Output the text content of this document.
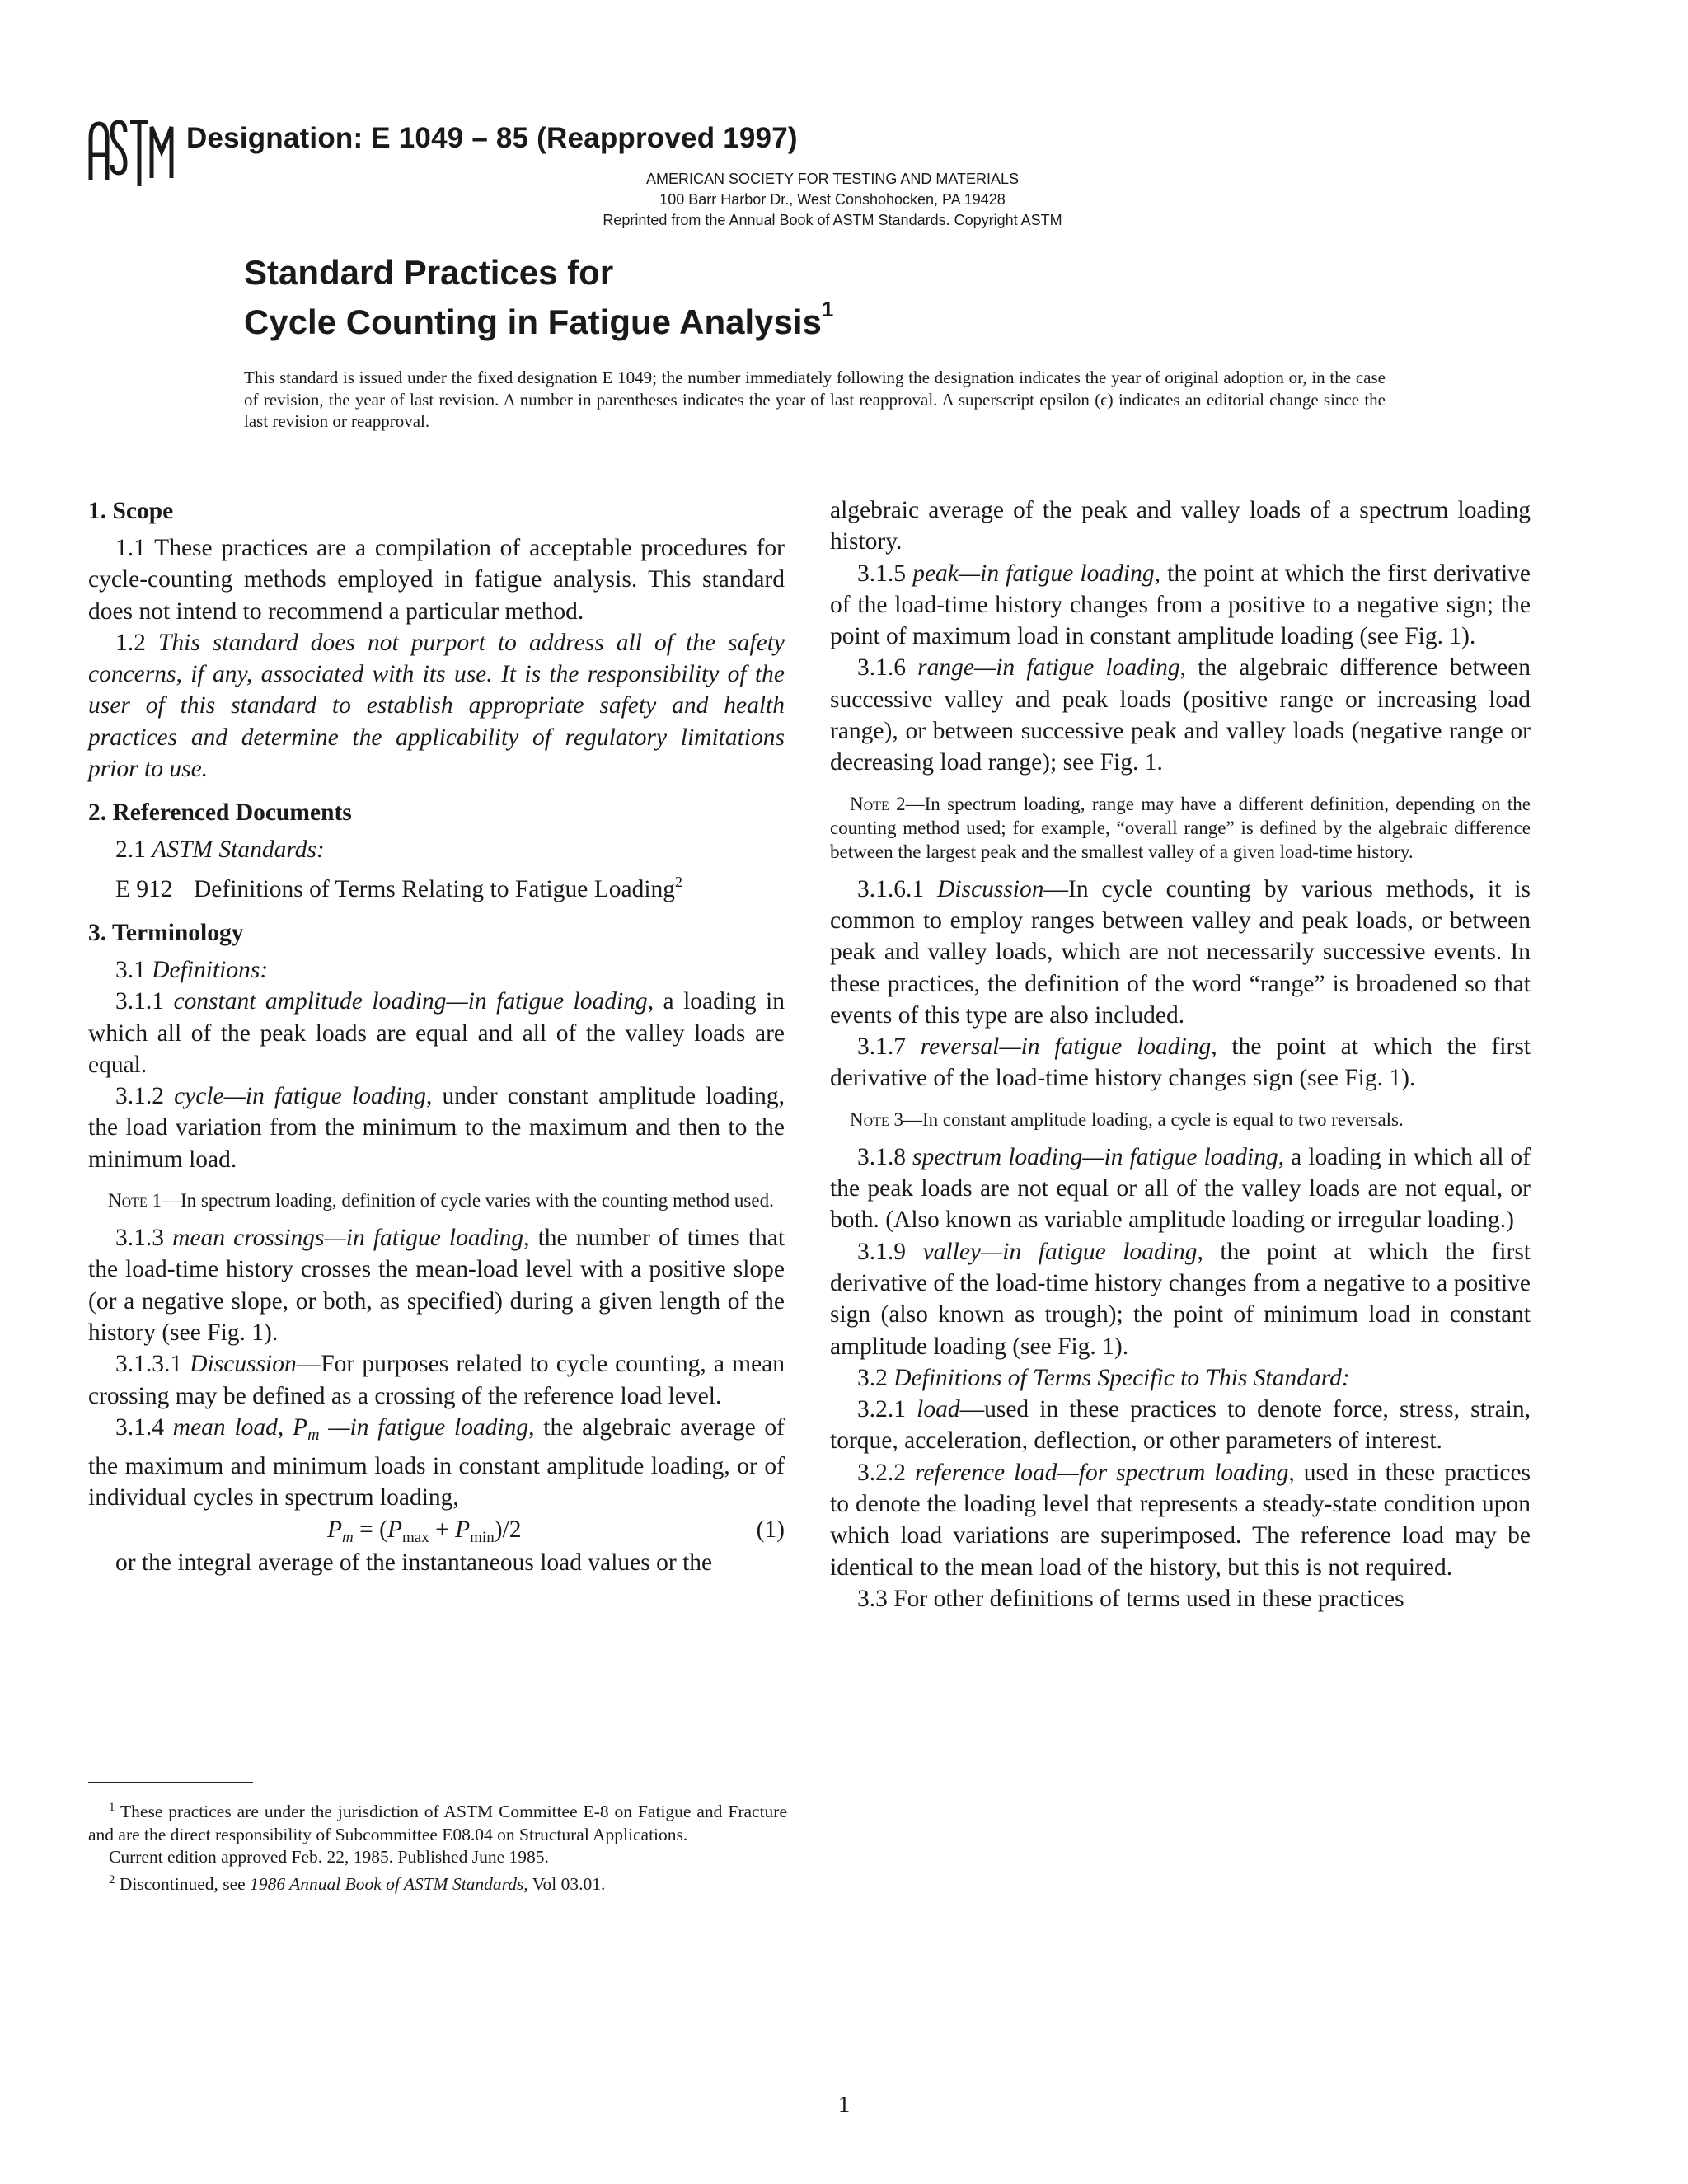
ASTM
Designation: E 1049 – 85 (Reapproved 1997)
AMERICAN SOCIETY FOR TESTING AND MATERIALS
100 Barr Harbor Dr., West Conshohocken, PA 19428
Reprinted from the Annual Book of ASTM Standards. Copyright ASTM
Standard Practices for
Cycle Counting in Fatigue Analysis$^1$
This standard is issued under the fixed designation E 1049; the number immediately following the designation indicates the year of original adoption or, in the case of revision, the year of last revision. A number in parentheses indicates the year of last reapproval. A superscript epsilon (ϵ) indicates an editorial change since the last revision or reapproval.
1. Scope

1.1 These practices are a compilation of acceptable procedures for cycle-counting methods employed in fatigue analysis. This standard does not intend to recommend a particular method.

1.2 This standard does not purport to address all of the safety concerns, if any, associated with its use. It is the responsibility of the user of this standard to establish appropriate safety and health practices and determine the applicability of regulatory limitations prior to use.

2. Referenced Documents

2.1 ASTM Standards:

E 912 Definitions of Terms Relating to Fatigue Loading$^2$

3. Terminology

3.1 Definitions:

3.1.1 constant amplitude loading—in fatigue loading, a loading in which all of the peak loads are equal and all of the valley loads are equal.

3.1.2 cycle—in fatigue loading, under constant amplitude loading, the load variation from the minimum to the maximum and then to the minimum load.

Note 1—In spectrum loading, definition of cycle varies with the counting method used.

3.1.3 mean crossings—in fatigue loading, the number of times that the load-time history crosses the mean-load level with a positive slope (or a negative slope, or both, as specified) during a given length of the history (see Fig. 1).

3.1.3.1 Discussion—For purposes related to cycle counting, a mean crossing may be defined as a crossing of the reference load level.

3.1.4 mean load, $P_m$ —in fatigue loading, the algebraic average of the maximum and minimum loads in constant amplitude loading, or of individual cycles in spectrum loading,

$P_m = (P_{max} + P_{min})/2$	(1)

or the integral average of the instantaneous load values or the

algebraic average of the peak and valley loads of a spectrum loading history.

3.1.5 peak—in fatigue loading, the point at which the first derivative of the load-time history changes from a positive to a negative sign; the point of maximum load in constant amplitude loading (see Fig. 1).

3.1.6 range—in fatigue loading, the algebraic difference between successive valley and peak loads (positive range or increasing load range), or between successive peak and valley loads (negative range or decreasing load range); see Fig. 1.

Note 2—In spectrum loading, range may have a different definition, depending on the counting method used; for example, “overall range” is defined by the algebraic difference between the largest peak and the smallest valley of a given load-time history.

3.1.6.1 Discussion—In cycle counting by various methods, it is common to employ ranges between valley and peak loads, or between peak and valley loads, which are not necessarily successive events. In these practices, the definition of the word “range” is broadened so that events of this type are also included.

3.1.7 reversal—in fatigue loading, the point at which the first derivative of the load-time history changes sign (see Fig. 1).

Note 3—In constant amplitude loading, a cycle is equal to two reversals.

3.1.8 spectrum loading—in fatigue loading, a loading in which all of the peak loads are not equal or all of the valley loads are not equal, or both. (Also known as variable amplitude loading or irregular loading.)

3.1.9 valley—in fatigue loading, the point at which the first derivative of the load-time history changes from a negative to a positive sign (also known as trough); the point of minimum load in constant amplitude loading (see Fig. 1).

3.2 Definitions of Terms Specific to This Standard:

3.2.1 load—used in these practices to denote force, stress, strain, torque, acceleration, deflection, or other parameters of interest.

3.2.2 reference load—for spectrum loading, used in these practices to denote the loading level that represents a steady-state condition upon which load variations are superimposed. The reference load may be identical to the mean load of the history, but this is not required.

3.3 For other definitions of terms used in these practices

$^1$ These practices are under the jurisdiction of ASTM Committee E-8 on Fatigue and Fracture and are the direct responsibility of Subcommittee E08.04 on Structural Applications.

Current edition approved Feb. 22, 1985. Published June 1985.

$^2$ Discontinued, see 1986 Annual Book of ASTM Standards, Vol 03.01.

1
